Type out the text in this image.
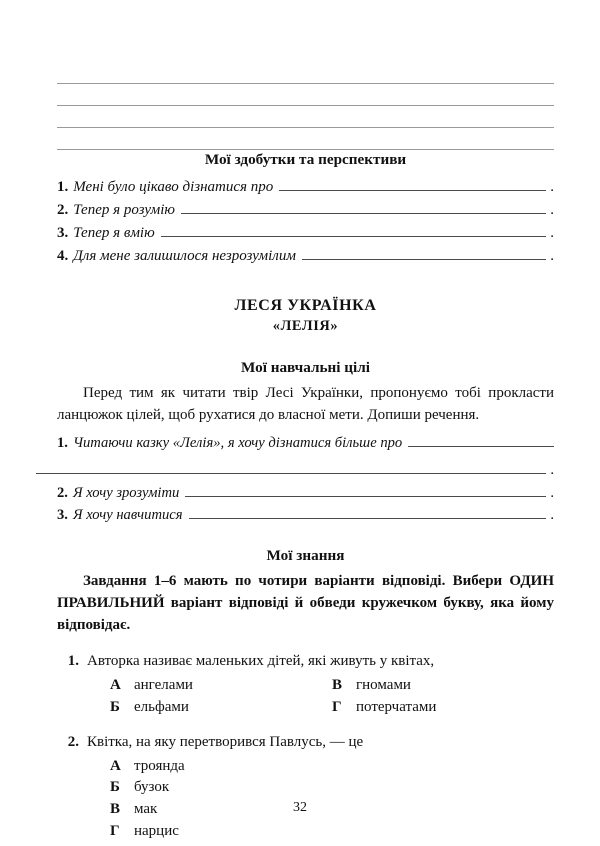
Мої здобутки та перспективи
1. Мені було цікаво дізнатися про	.
2. Тепер я розумію	.
3. Тепер я вмію	.
4. Для мене залишилося незрозумілим	.
ЛЕСЯ УКРАЇНКА
«ЛЕЛІЯ»
Мої навчальні цілі

Перед тим як читати твір Лесі Українки, пропонуємо тобі прокласти ланцюжок цілей, щоб рухатися до власної мети. Допиши речення.

1. Читаючи казку «Лелія», я хочу дізнатися більше про
.
2. Я хочу зрозуміти	.
3. Я хочу навчитися	.
Мої знання

Завдання 1–6 мають по чотири варіанти відповіді. Вибери ОДИН ПРАВИЛЬНИЙ варіант відповіді й обведи кружечком букву, яка йому відповідає.

1. Авторка називає маленьких дітей, які живуть у квітах,
А ангелами
Б ельфами
В гномами
Г потерчатами
2. Квітка, на яку перетворився Павлусь, — це
А троянда
Б бузок
В мак
Г нарцис
32
